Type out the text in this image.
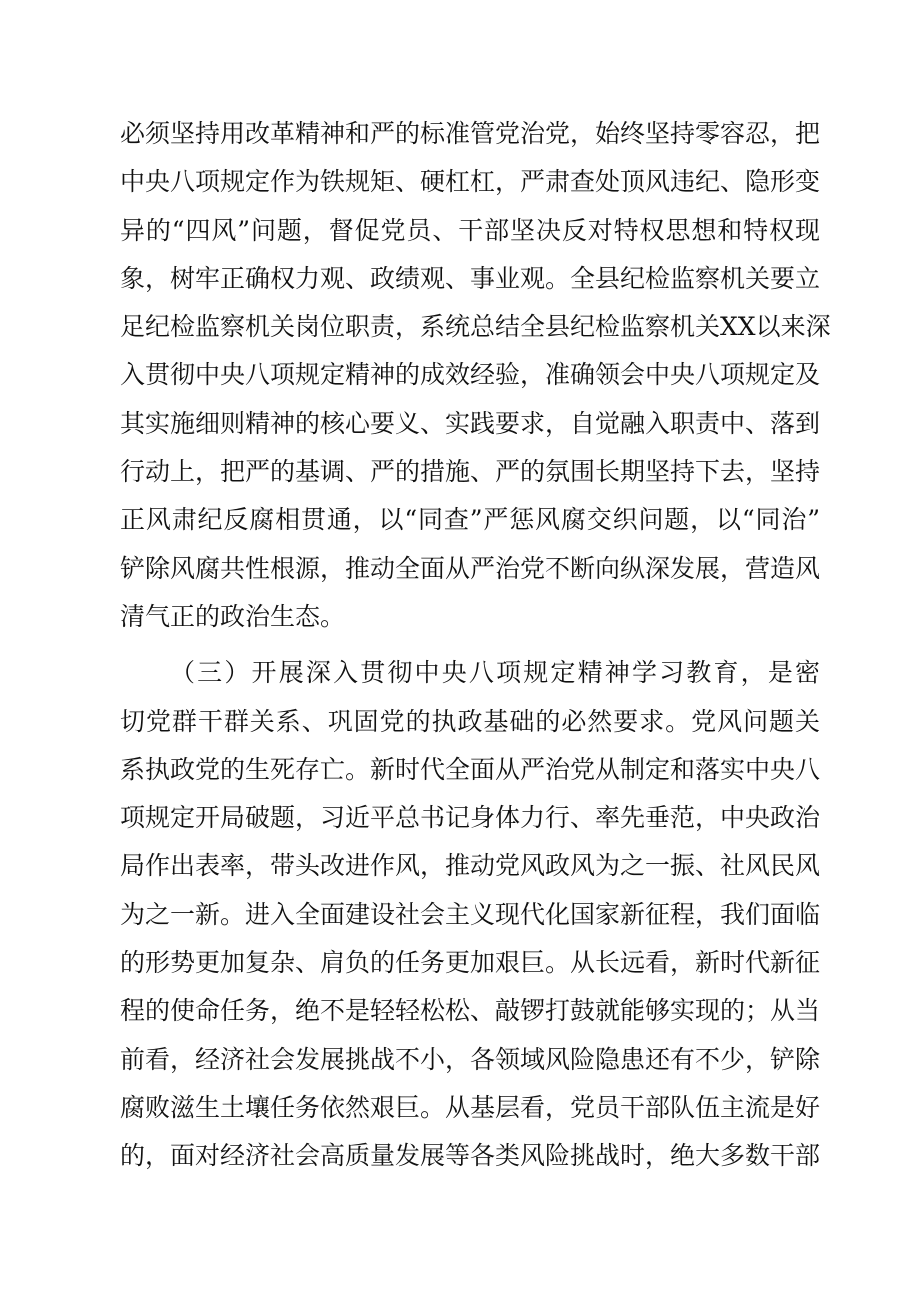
必须坚持用改革精神和严的标准管党治党，始终坚持零容忍，把
中央八项规定作为铁规矩、硬杠杠，严肃查处顶风违纪、隐形变
异的“四风”问题，督促党员、干部坚决反对特权思想和特权现
象，树牢正确权力观、政绩观、事业观。全县纪检监察机关要立
足纪检监察机关岗位职责，系统总结全县纪检监察机关XX以来深
入贯彻中央八项规定精神的成效经验，准确领会中央八项规定及
其实施细则精神的核心要义、实践要求，自觉融入职责中、落到
行动上，把严的基调、严的措施、严的氛围长期坚持下去，坚持
正风肃纪反腐相贯通，以“同查”严惩风腐交织问题，以“同治”
铲除风腐共性根源，推动全面从严治党不断向纵深发展，营造风
清气正的政治生态。
（三）开展深入贯彻中央八项规定精神学习教育，是密
切党群干群关系、巩固党的执政基础的必然要求。党风问题关
系执政党的生死存亡。新时代全面从严治党从制定和落实中央八
项规定开局破题，习近平总书记身体力行、率先垂范，中央政治
局作出表率，带头改进作风，推动党风政风为之一振、社风民风
为之一新。进入全面建设社会主义现代化国家新征程，我们面临
的形势更加复杂、肩负的任务更加艰巨。从长远看，新时代新征
程的使命任务，绝不是轻轻松松、敲锣打鼓就能够实现的；从当
前看，经济社会发展挑战不小，各领域风险隐患还有不少，铲除
腐败滋生土壤任务依然艰巨。从基层看，党员干部队伍主流是好
的，面对经济社会高质量发展等各类风险挑战时，绝大多数干部
